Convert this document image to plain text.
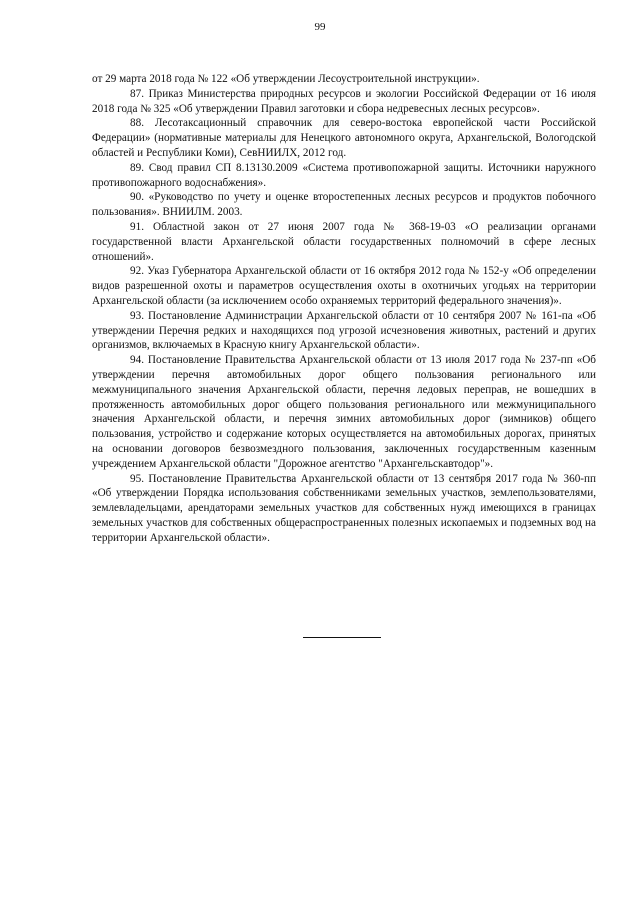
99

от 29 марта 2018 года № 122 «Об утверждении Лесоустроительной инструкции».

87. Приказ Министерства природных ресурсов и экологии Российской Федерации от 16 июля 2018 года № 325 «Об утверждении Правил заготовки и сбора недревесных лесных ресурсов».

88. Лесотаксационный справочник для северо-востока европейской части Российской Федерации» (нормативные материалы для Ненецкого автономного округа, Архангельской, Вологодской областей и Республики Коми), СевНИИЛХ, 2012 год.

89. Свод правил СП 8.13130.2009 «Система противопожарной защиты. Источники наружного противопожарного водоснабжения».

90. «Руководство по учету и оценке второстепенных лесных ресурсов и продуктов побочного пользования». ВНИИЛМ. 2003.

91. Областной закон от 27 июня 2007 года № 368-19-03 «О реализации органами государственной власти Архангельской области государственных полномочий в сфере лесных отношений».

92. Указ Губернатора Архангельской области от 16 октября 2012 года № 152-у «Об определении видов разрешенной охоты и параметров осуществления охоты в охотничьих угодьях на территории Архангельской области (за исключением особо охраняемых территорий федерального значения)».

93. Постановление Администрации Архангельской области от 10 сентября 2007 № 161-па «Об утверждении Перечня редких и находящихся под угрозой исчезновения животных, растений и других организмов, включаемых в Красную книгу Архангельской области».

94. Постановление Правительства Архангельской области от 13 июля 2017 года № 237-пп «Об утверждении перечня автомобильных дорог общего пользования регионального или межмуниципального значения Архангельской области, перечня ледовых переправ, не вошедших в протяженность автомобильных дорог общего пользования регионального или межмуниципального значения Архангельской области, и перечня зимних автомобильных дорог (зимников) общего пользования, устройство и содержание которых осуществляется на автомобильных дорогах, принятых на основании договоров безвозмездного пользования, заключенных государственным казенным учреждением Архангельской области "Дорожное агентство "Архангельскавтодор"».

95. Постановление Правительства Архангельской области от 13 сентября 2017 года № 360-пп «Об утверждении Порядка использования собственниками земельных участков, землепользователями, землевладельцами, арендаторами земельных участков для собственных нужд имеющихся в границах земельных участков для собственных общераспространенных полезных ископаемых и подземных вод на территории Архангельской области».
